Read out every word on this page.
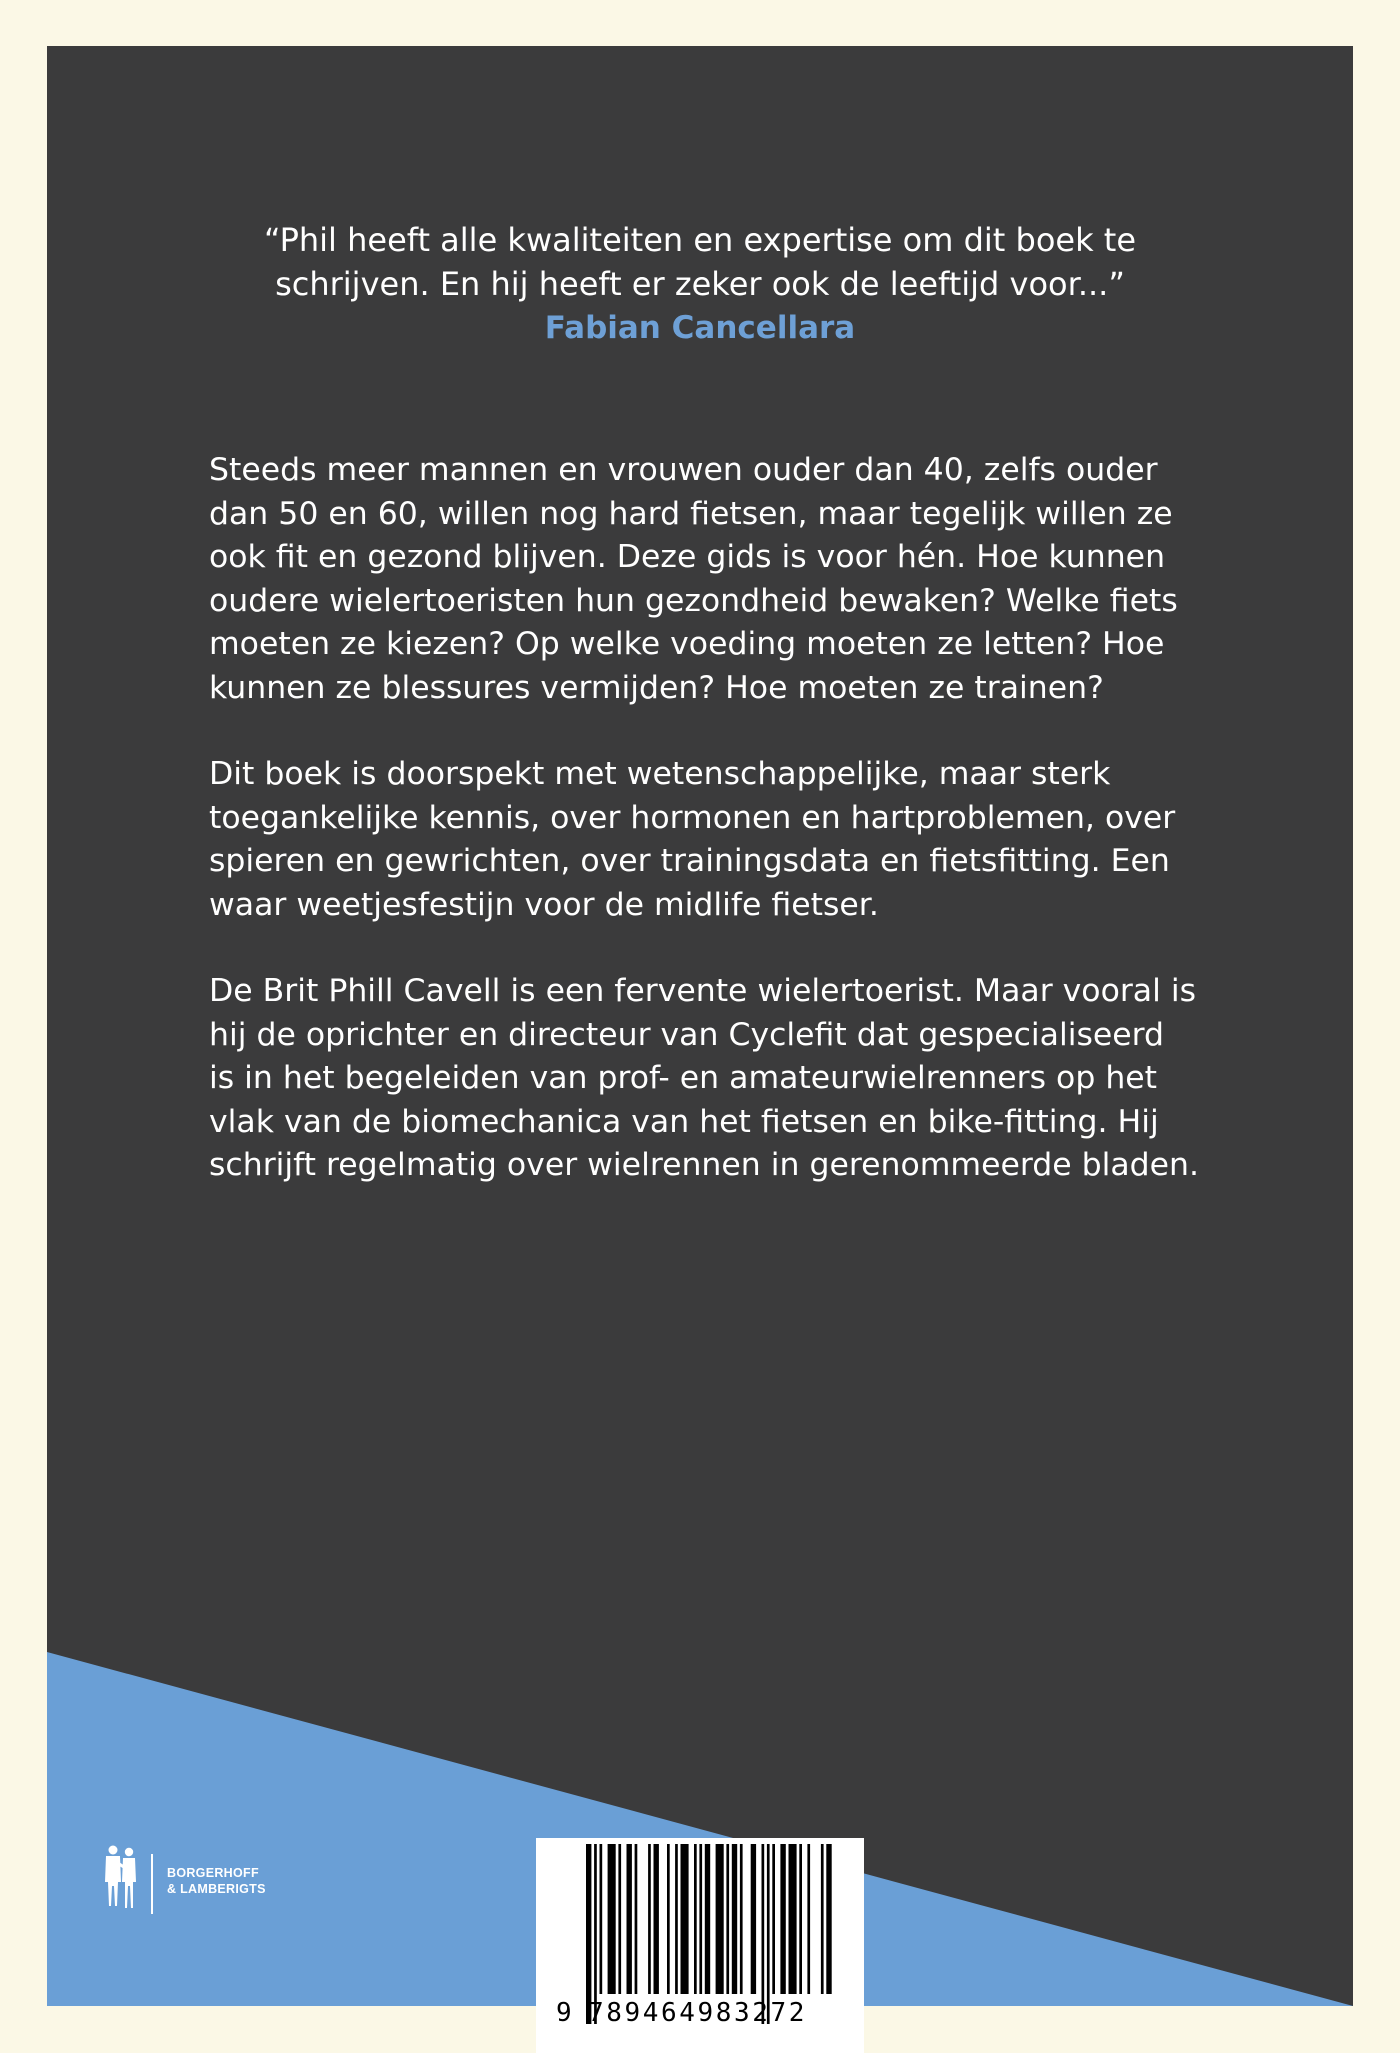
“Phil heeft alle kwaliteiten en expertise om dit boek te
schrijven. En hij heeft er zeker ook de leeftijd voor...”
Fabian Cancellara

Steeds meer mannen en vrouwen ouder dan 40, zelfs ouder
dan 50 en 60, willen nog hard fietsen, maar tegelijk willen ze
ook fit en gezond blijven. Deze gids is voor hén. Hoe kunnen
oudere wielertoeristen hun gezondheid bewaken? Welke fiets
moeten ze kiezen? Op welke voeding moeten ze letten? Hoe
kunnen ze blessures vermijden? Hoe moeten ze trainen?

Dit boek is doorspekt met wetenschappelijke, maar sterk
toegankelijke kennis, over hormonen en hartproblemen, over
spieren en gewrichten, over trainingsdata en fietsfitting. Een
waar weetjesfestijn voor de midlife fietser.

De Brit Phill Cavell is een fervente wielertoerist. Maar vooral is
hij de oprichter en directeur van Cyclefit dat gespecialiseerd
is in het begeleiden van prof- en amateurwielrenners op het
vlak van de biomechanica van het fietsen en bike-fitting. Hij
schrijft regelmatig over wielrennen in gerenommeerde bladen.

BORGERHOFF
& LAMBERIGTS
9 789464983272
